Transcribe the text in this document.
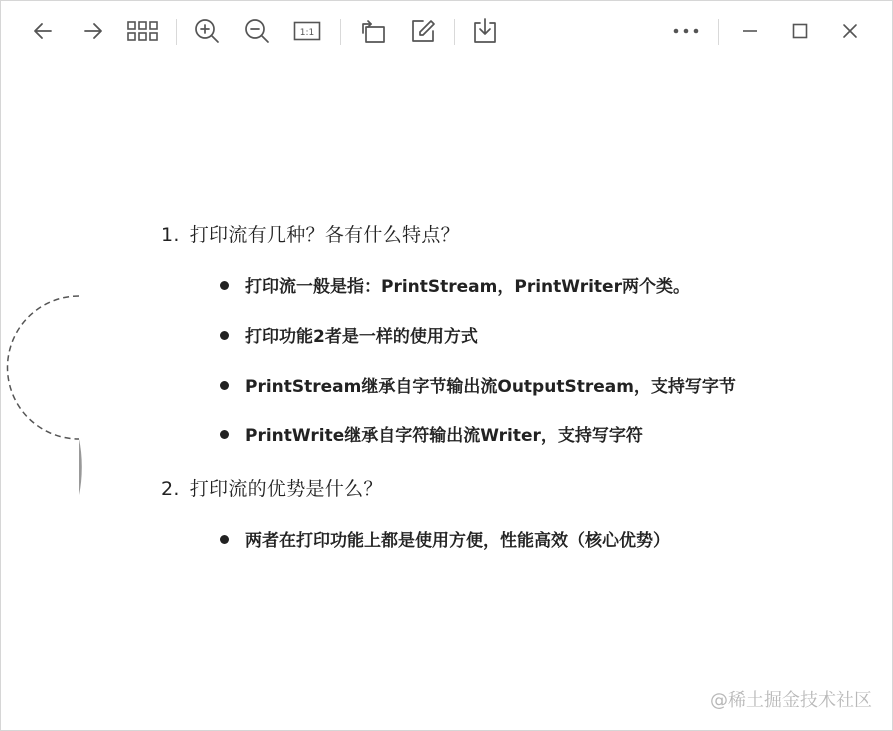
1:1
1. 打印流有几种？各有什么特点？
打印流一般是指：PrintStream，PrintWriter两个类。
打印功能2者是一样的使用方式
PrintStream继承自字节输出流OutputStream，支持写字节
PrintWrite继承自字符输出流Writer，支持写字符
2. 打印流的优势是什么？
两者在打印功能上都是使用方便，性能高效（核心优势）
@稀土掘金技术社区
